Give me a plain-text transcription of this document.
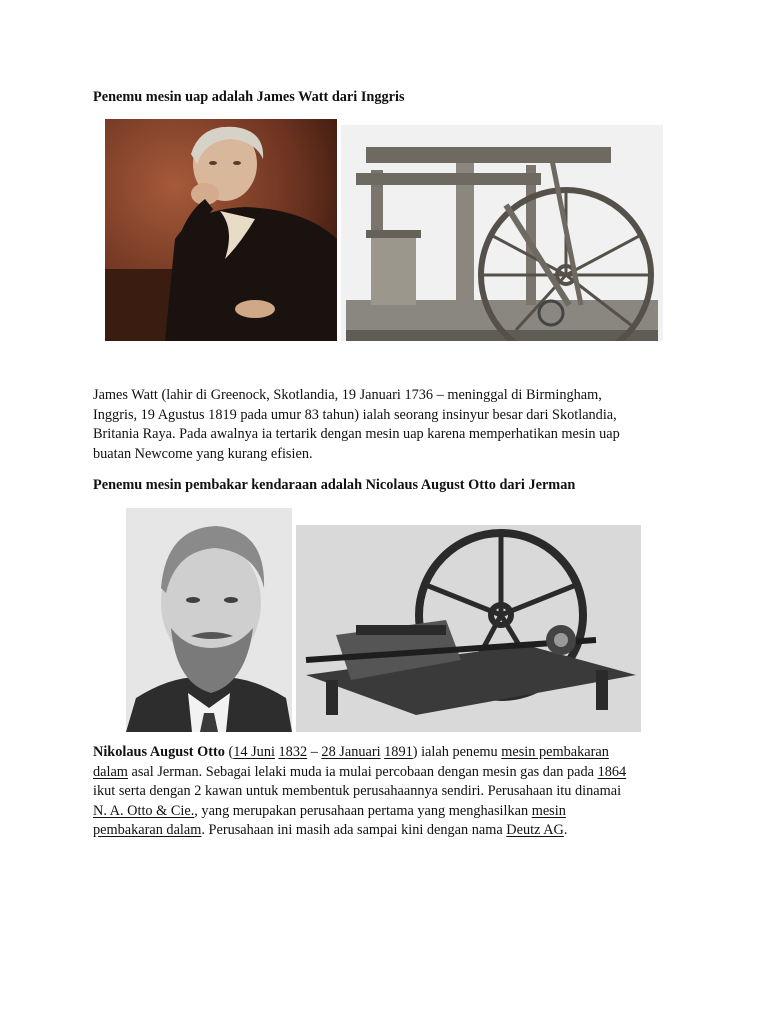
Penemu mesin uap adalah James Watt dari Inggris

James Watt (lahir di Greenock, Skotlandia, 19 Januari 1736 – meninggal di Birmingham,
Inggris, 19 Agustus 1819 pada umur 83 tahun) ialah seorang insinyur besar dari Skotlandia,
Britania Raya. Pada awalnya ia tertarik dengan mesin uap karena memperhatikan mesin uap
buatan Newcome yang kurang efisien.

Penemu mesin pembakar kendaraan adalah Nicolaus August Otto dari Jerman

Nikolaus August Otto (14 Juni 1832 – 28 Januari 1891) ialah penemu mesin pembakaran
dalam asal Jerman. Sebagai lelaki muda ia mulai percobaan dengan mesin gas dan pada 1864
ikut serta dengan 2 kawan untuk membentuk perusahaannya sendiri. Perusahaan itu dinamai
N. A. Otto & Cie., yang merupakan perusahaan pertama yang menghasilkan mesin
pembakaran dalam. Perusahaan ini masih ada sampai kini dengan nama Deutz AG.
